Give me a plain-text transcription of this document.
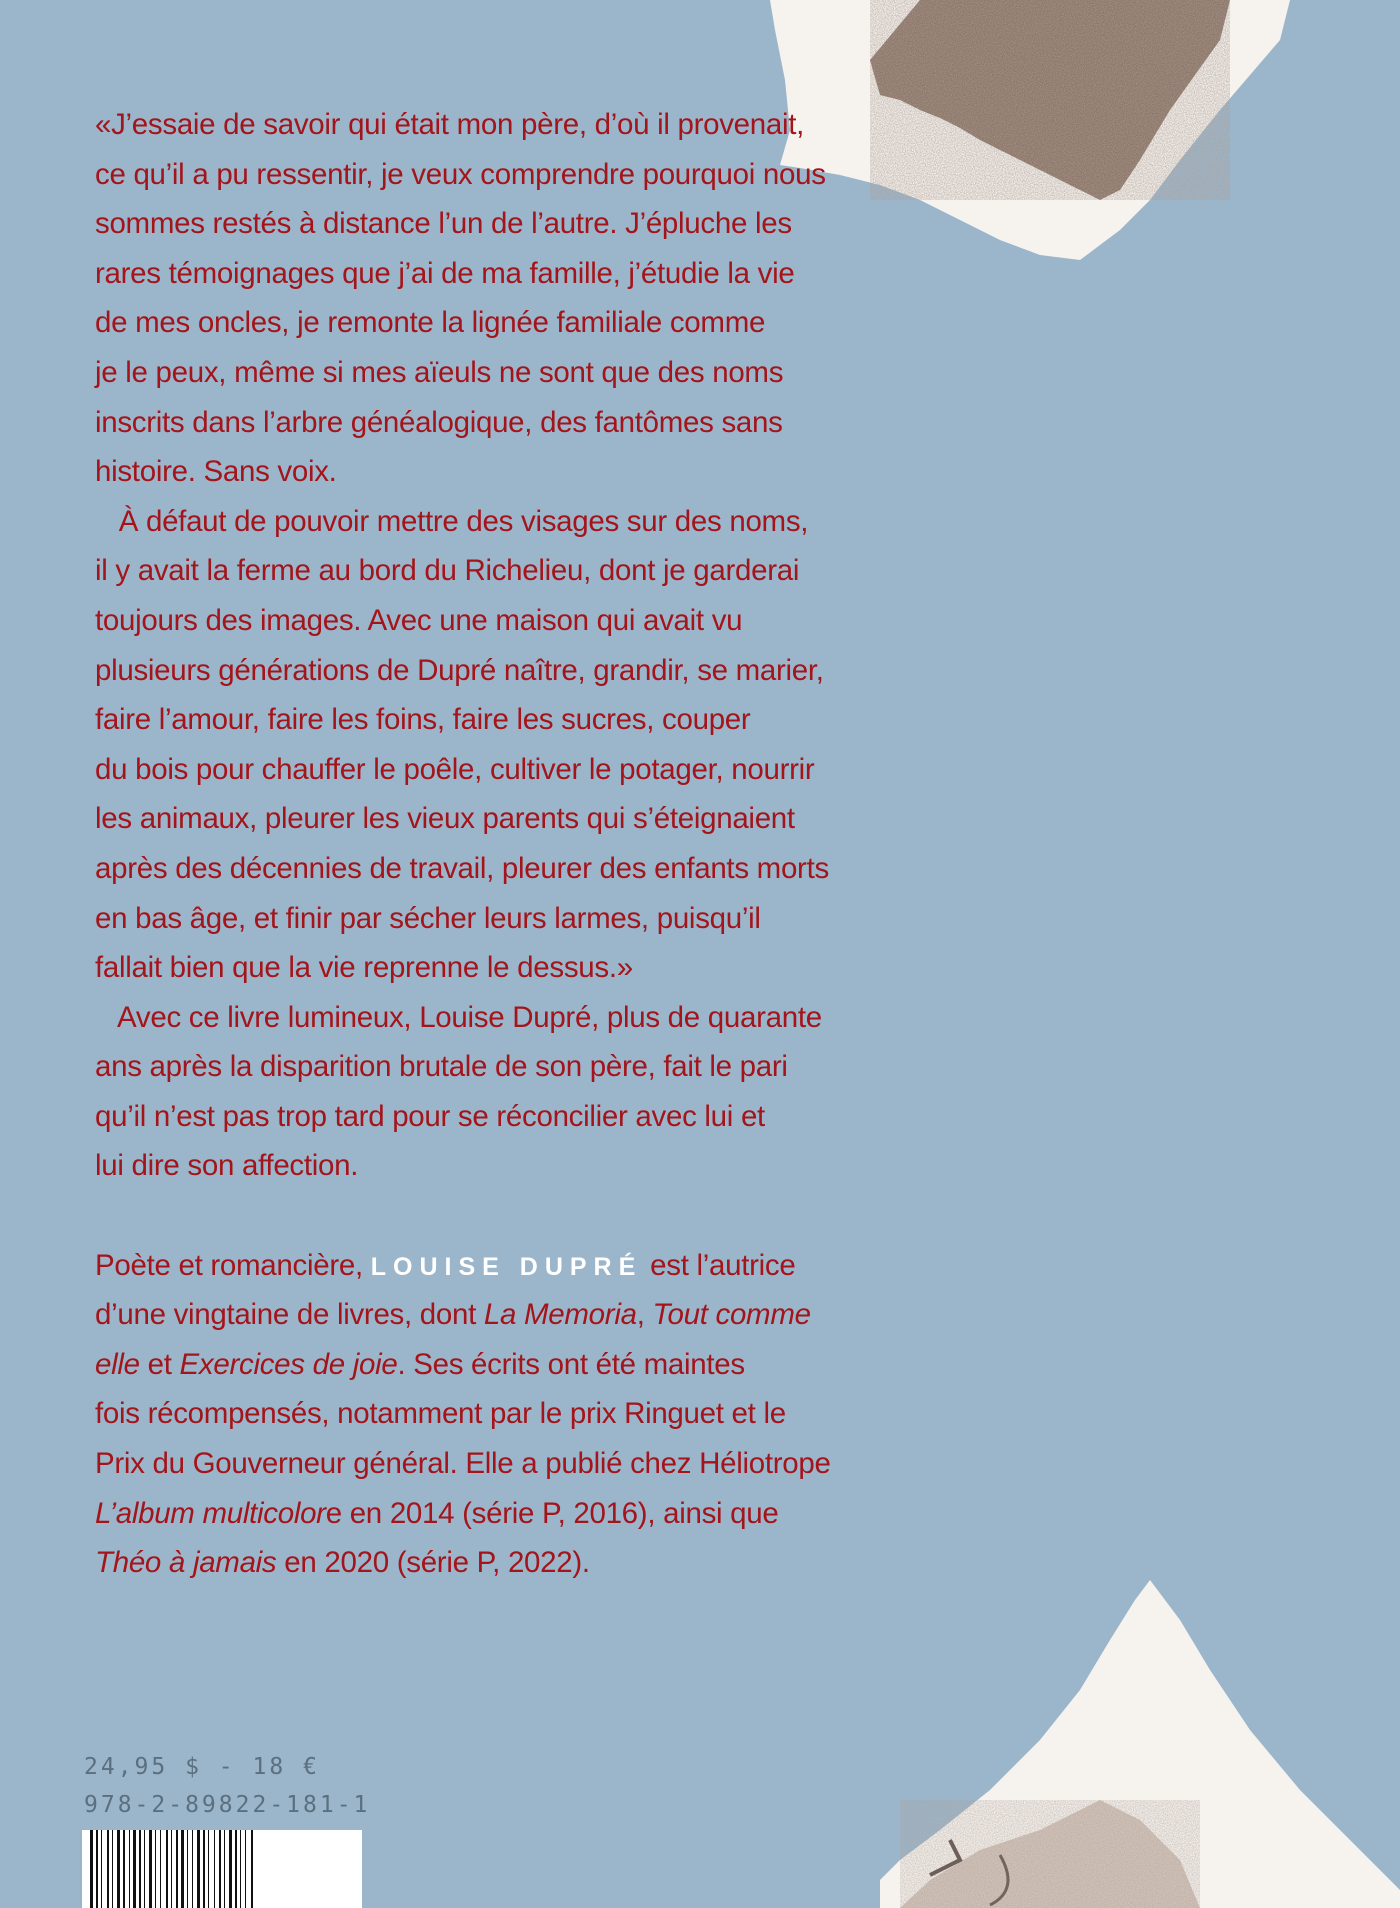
«J’essaie de savoir qui était mon père, d’où il provenait,
ce qu’il a pu ressentir, je veux comprendre pourquoi nous
sommes restés à distance l’un de l’autre. J’épluche les
rares témoignages que j’ai de ma famille, j’étudie la vie
de mes oncles, je remonte la lignée familiale comme
je le peux, même si mes aïeuls ne sont que des noms
inscrits dans l’arbre généalogique, des fantômes sans
histoire. Sans voix.
À défaut de pouvoir mettre des visages sur des noms,
il y avait la ferme au bord du Richelieu, dont je garderai
toujours des images. Avec une maison qui avait vu
plusieurs générations de Dupré naître, grandir, se marier,
faire l’amour, faire les foins, faire les sucres, couper
du bois pour chauffer le poêle, cultiver le potager, nourrir
les animaux, pleurer les vieux parents qui s’éteignaient
après des décennies de travail, pleurer des enfants morts
en bas âge, et finir par sécher leurs larmes, puisqu’il
fallait bien que la vie reprenne le dessus.»
Avec ce livre lumineux, Louise Dupré, plus de quarante
ans après la disparition brutale de son père, fait le pari
qu’il n’est pas trop tard pour se réconcilier avec lui et
lui dire son affection.
Poète et romancière, LOUISE DUPRÉ est l’autrice
d’une vingtaine de livres, dont La Memoria, Tout comme
elle et Exercices de joie. Ses écrits ont été maintes
fois récompensés, notamment par le prix Ringuet et le
Prix du Gouverneur général. Elle a publié chez Héliotrope
L’album multicolore en 2014 (série P, 2016), ainsi que
Théo à jamais en 2020 (série P, 2022).
24,95 $ - 18 €
978-2-89822-181-1
